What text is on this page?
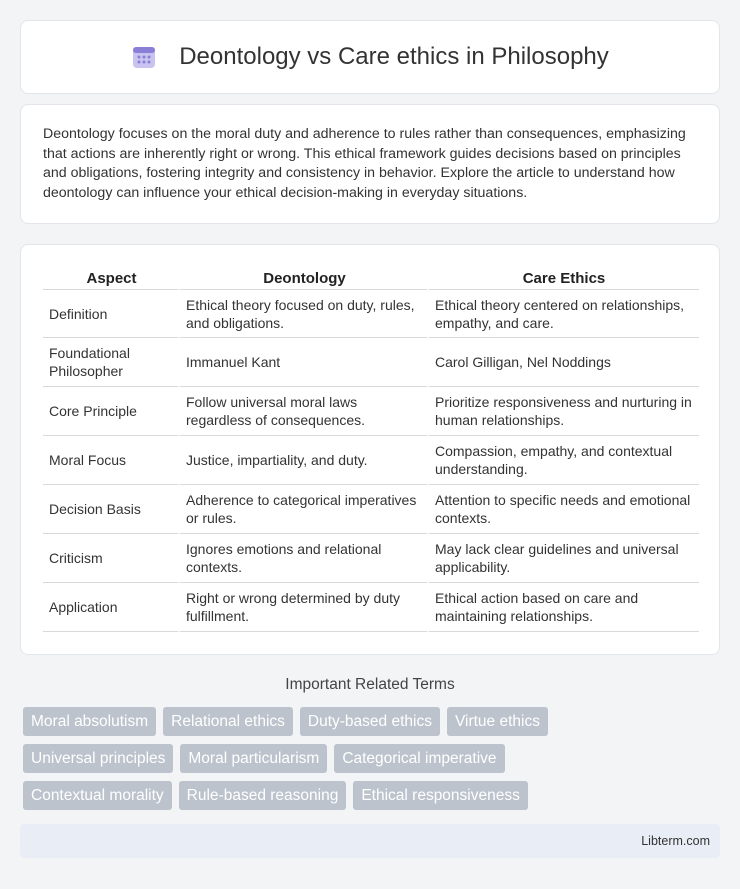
Deontology vs Care ethics in Philosophy

Deontology focuses on the moral duty and adherence to rules rather than consequences, emphasizing that actions are inherently right or wrong. This ethical framework guides decisions based on principles and obligations, fostering integrity and consistency in behavior. Explore the article to understand how deontology can influence your ethical decision-making in everyday situations.

Aspect	Deontology	Care Ethics
Definition	Ethical theory focused on duty, rules, and obligations.	Ethical theory centered on relationships, empathy, and care.
Foundational Philosopher	Immanuel Kant	Carol Gilligan, Nel Noddings
Core Principle	Follow universal moral laws regardless of consequences.	Prioritize responsiveness and nurturing in human relationships.
Moral Focus	Justice, impartiality, and duty.	Compassion, empathy, and contextual understanding.
Decision Basis	Adherence to categorical imperatives or rules.	Attention to specific needs and emotional contexts.
Criticism	Ignores emotions and relational contexts.	May lack clear guidelines and universal applicability.
Application	Right or wrong determined by duty fulfillment.	Ethical action based on care and maintaining relationships.
Important Related Terms
Moral absolutism	Relational ethics	Duty-based ethics	Virtue ethics
Universal principles	Moral particularism	Categorical imperative
Contextual morality	Rule-based reasoning	Ethical responsiveness
Libterm.com
